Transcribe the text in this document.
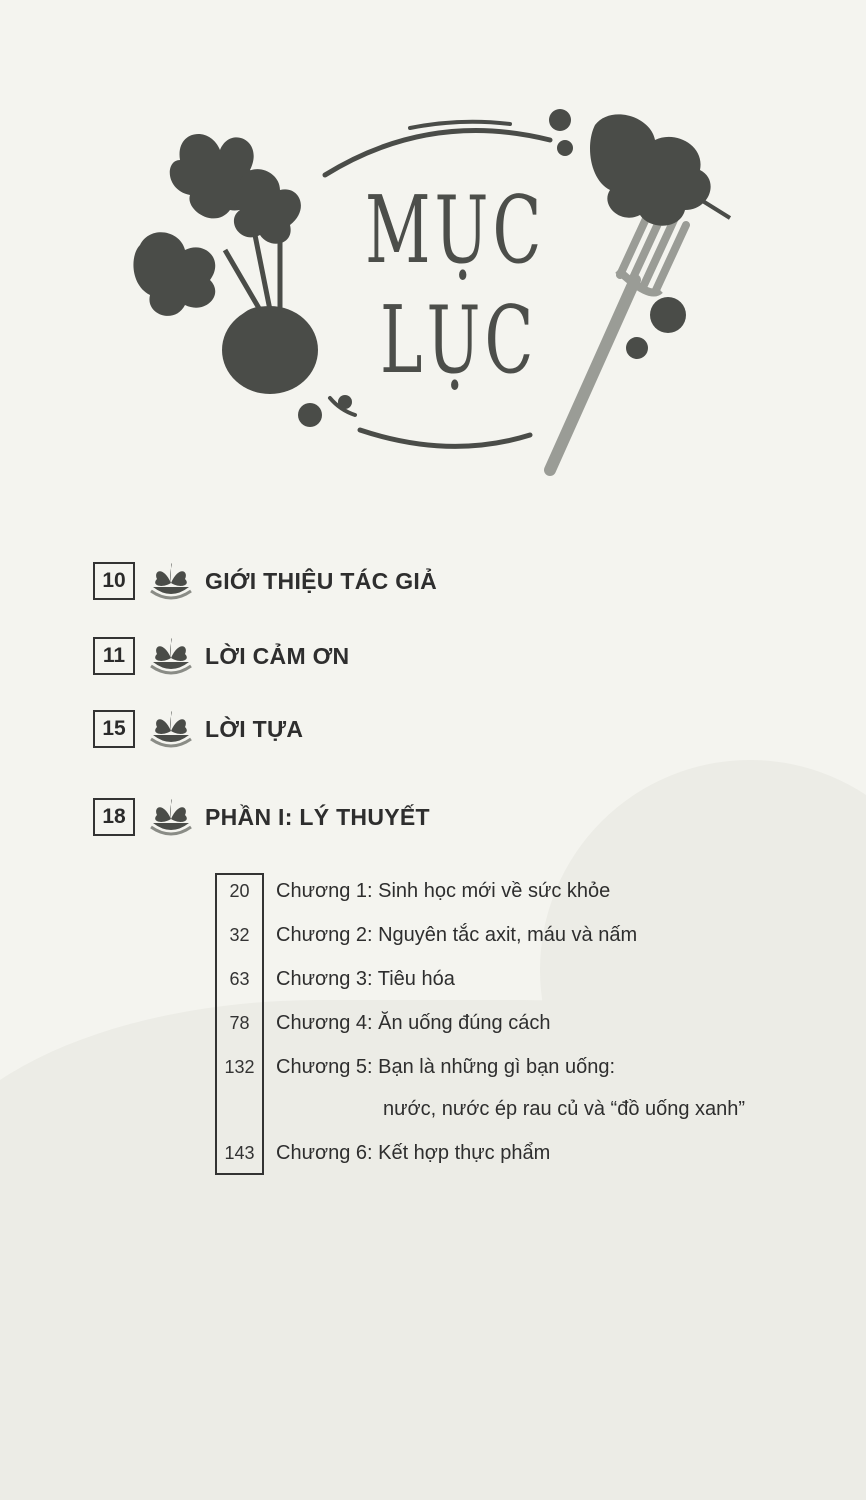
MỤC
LỤC
10	GIỚI THIỆU TÁC GIẢ
11	LỜI CẢM ƠN
15	LỜI TỰA
18	PHẦN I: LÝ THUYẾT
20	Chương 1: Sinh học mới về sức khỏe
32	Chương 2: Nguyên tắc axit, máu và nấm
63	Chương 3: Tiêu hóa
78	Chương 4: Ăn uống đúng cách
132	Chương 5: Bạn là những gì bạn uống:
nước, nước ép rau củ và “đồ uống xanh”
143	Chương 6: Kết hợp thực phẩm
